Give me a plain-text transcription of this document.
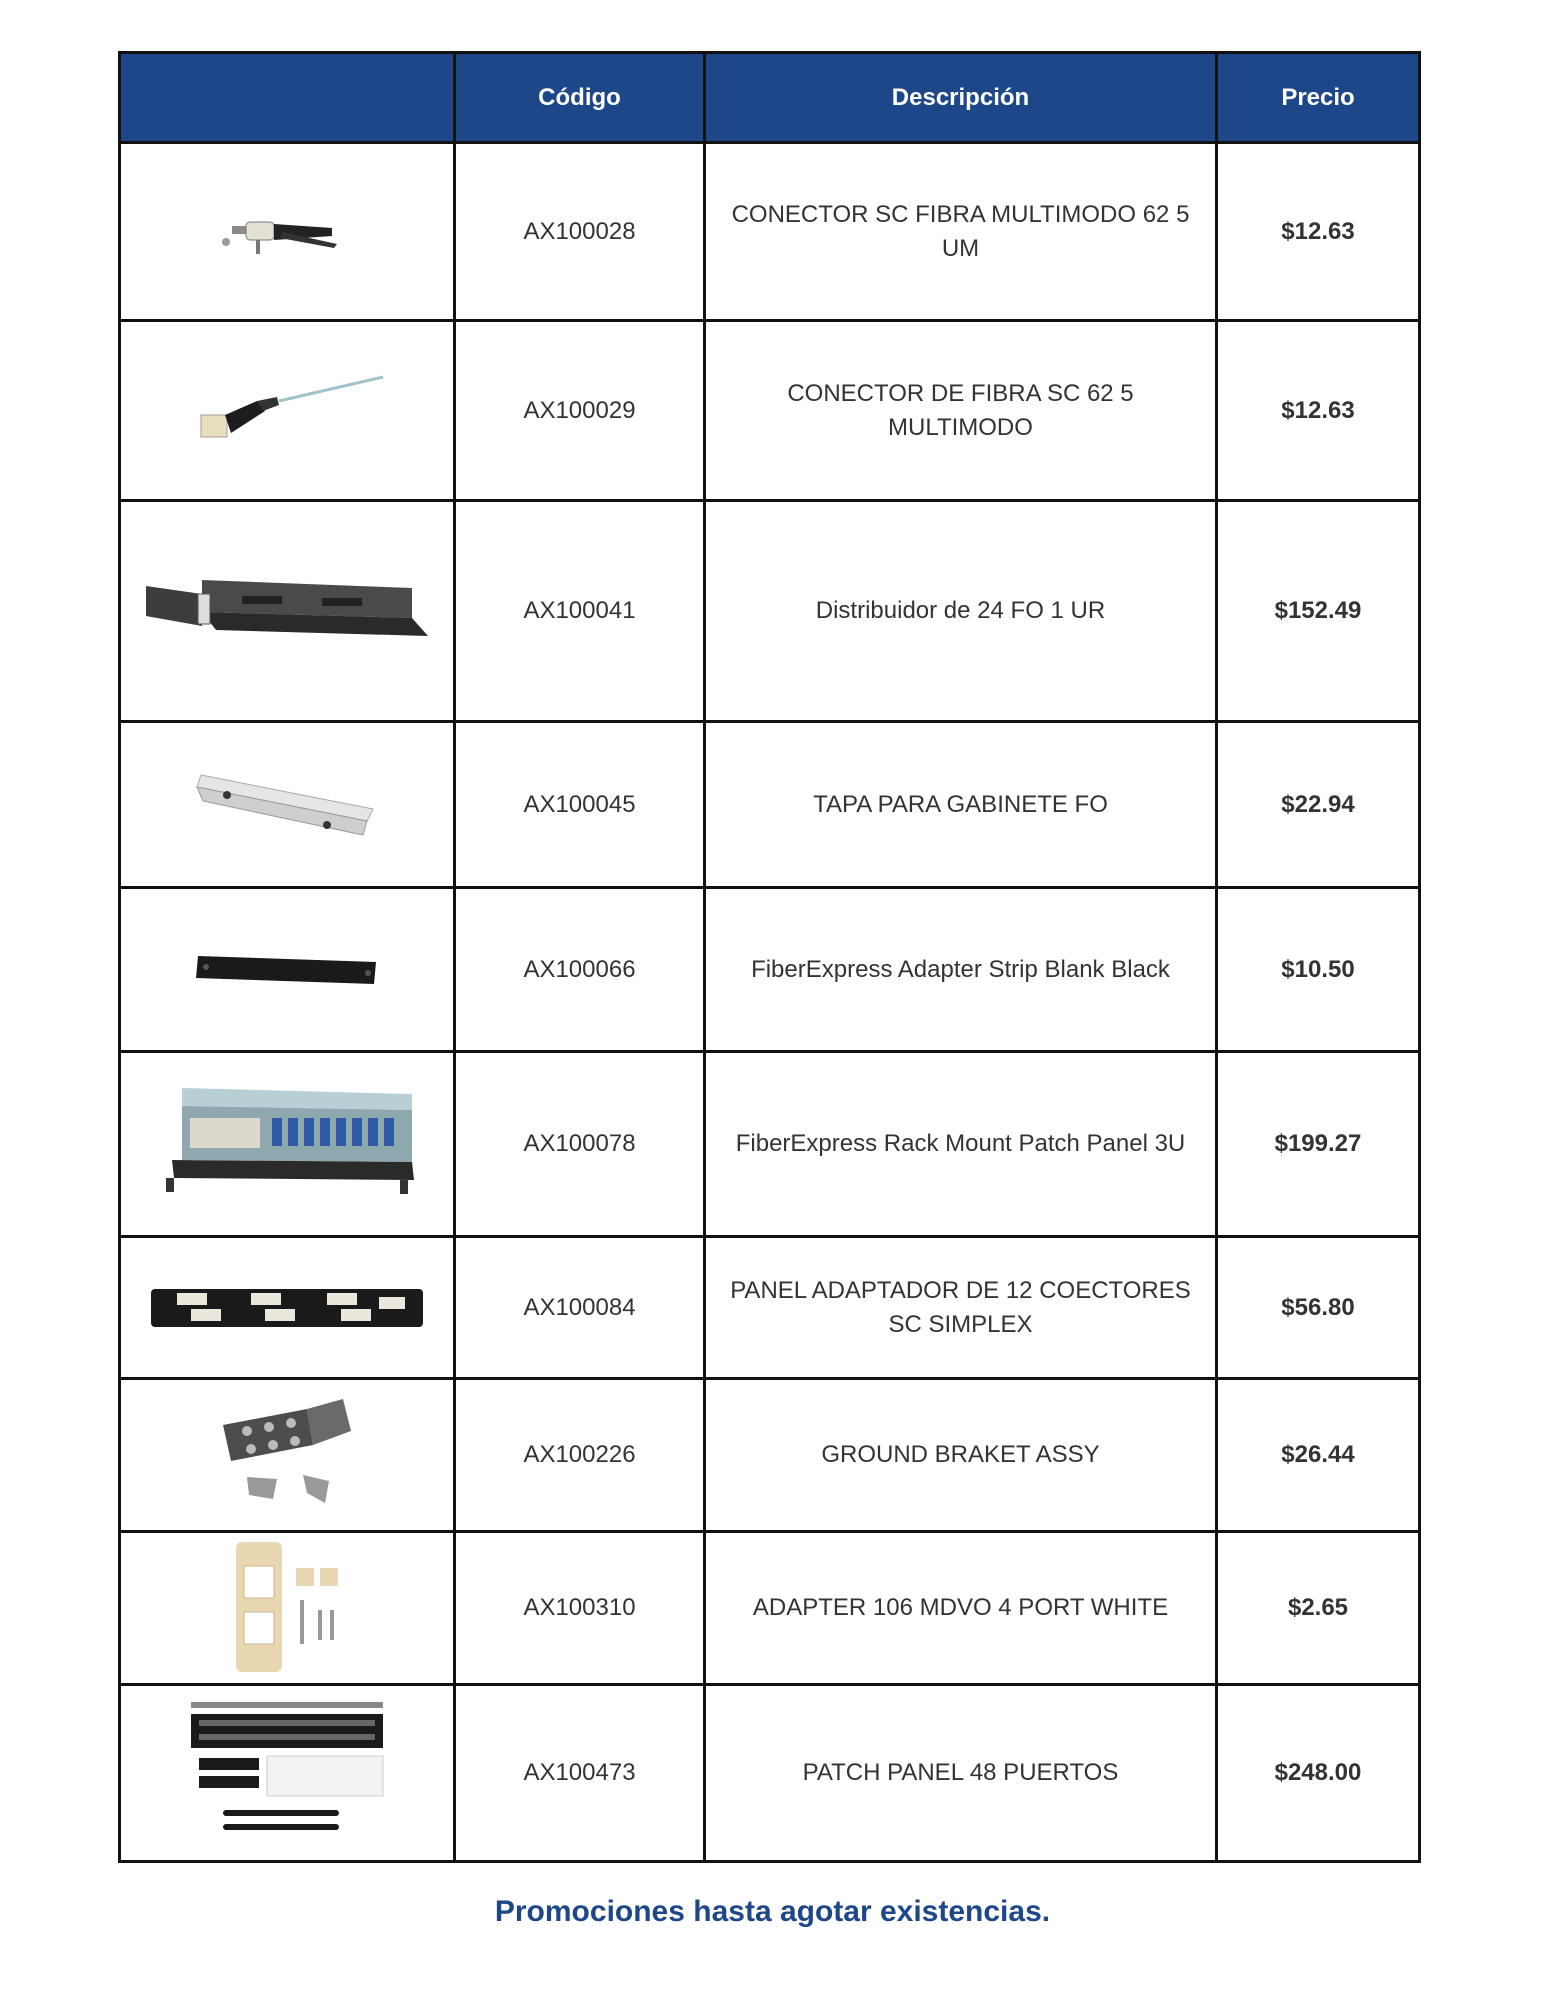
	Código	Descripción	Precio

	AX100028	CONECTOR SC FIBRA MULTIMODO 62 5 UM	$12.63

	AX100029	CONECTOR DE FIBRA SC 62 5 MULTIMODO	$12.63

	AX100041	Distribuidor de 24 FO 1 UR	$152.49

	AX100045	TAPA PARA GABINETE FO	$22.94

	AX100066	FiberExpress Adapter Strip Blank Black	$10.50

	AX100078	FiberExpress Rack Mount Patch Panel 3U	$199.27

	AX100084	PANEL ADAPTADOR DE 12 COECTORES SC SIMPLEX	$56.80

	AX100226	GROUND BRAKET ASSY	$26.44

	AX100310	ADAPTER 106 MDVO 4 PORT WHITE	$2.65

	AX100473	PATCH PANEL 48 PUERTOS	$248.00
Promociones hasta agotar existencias.
